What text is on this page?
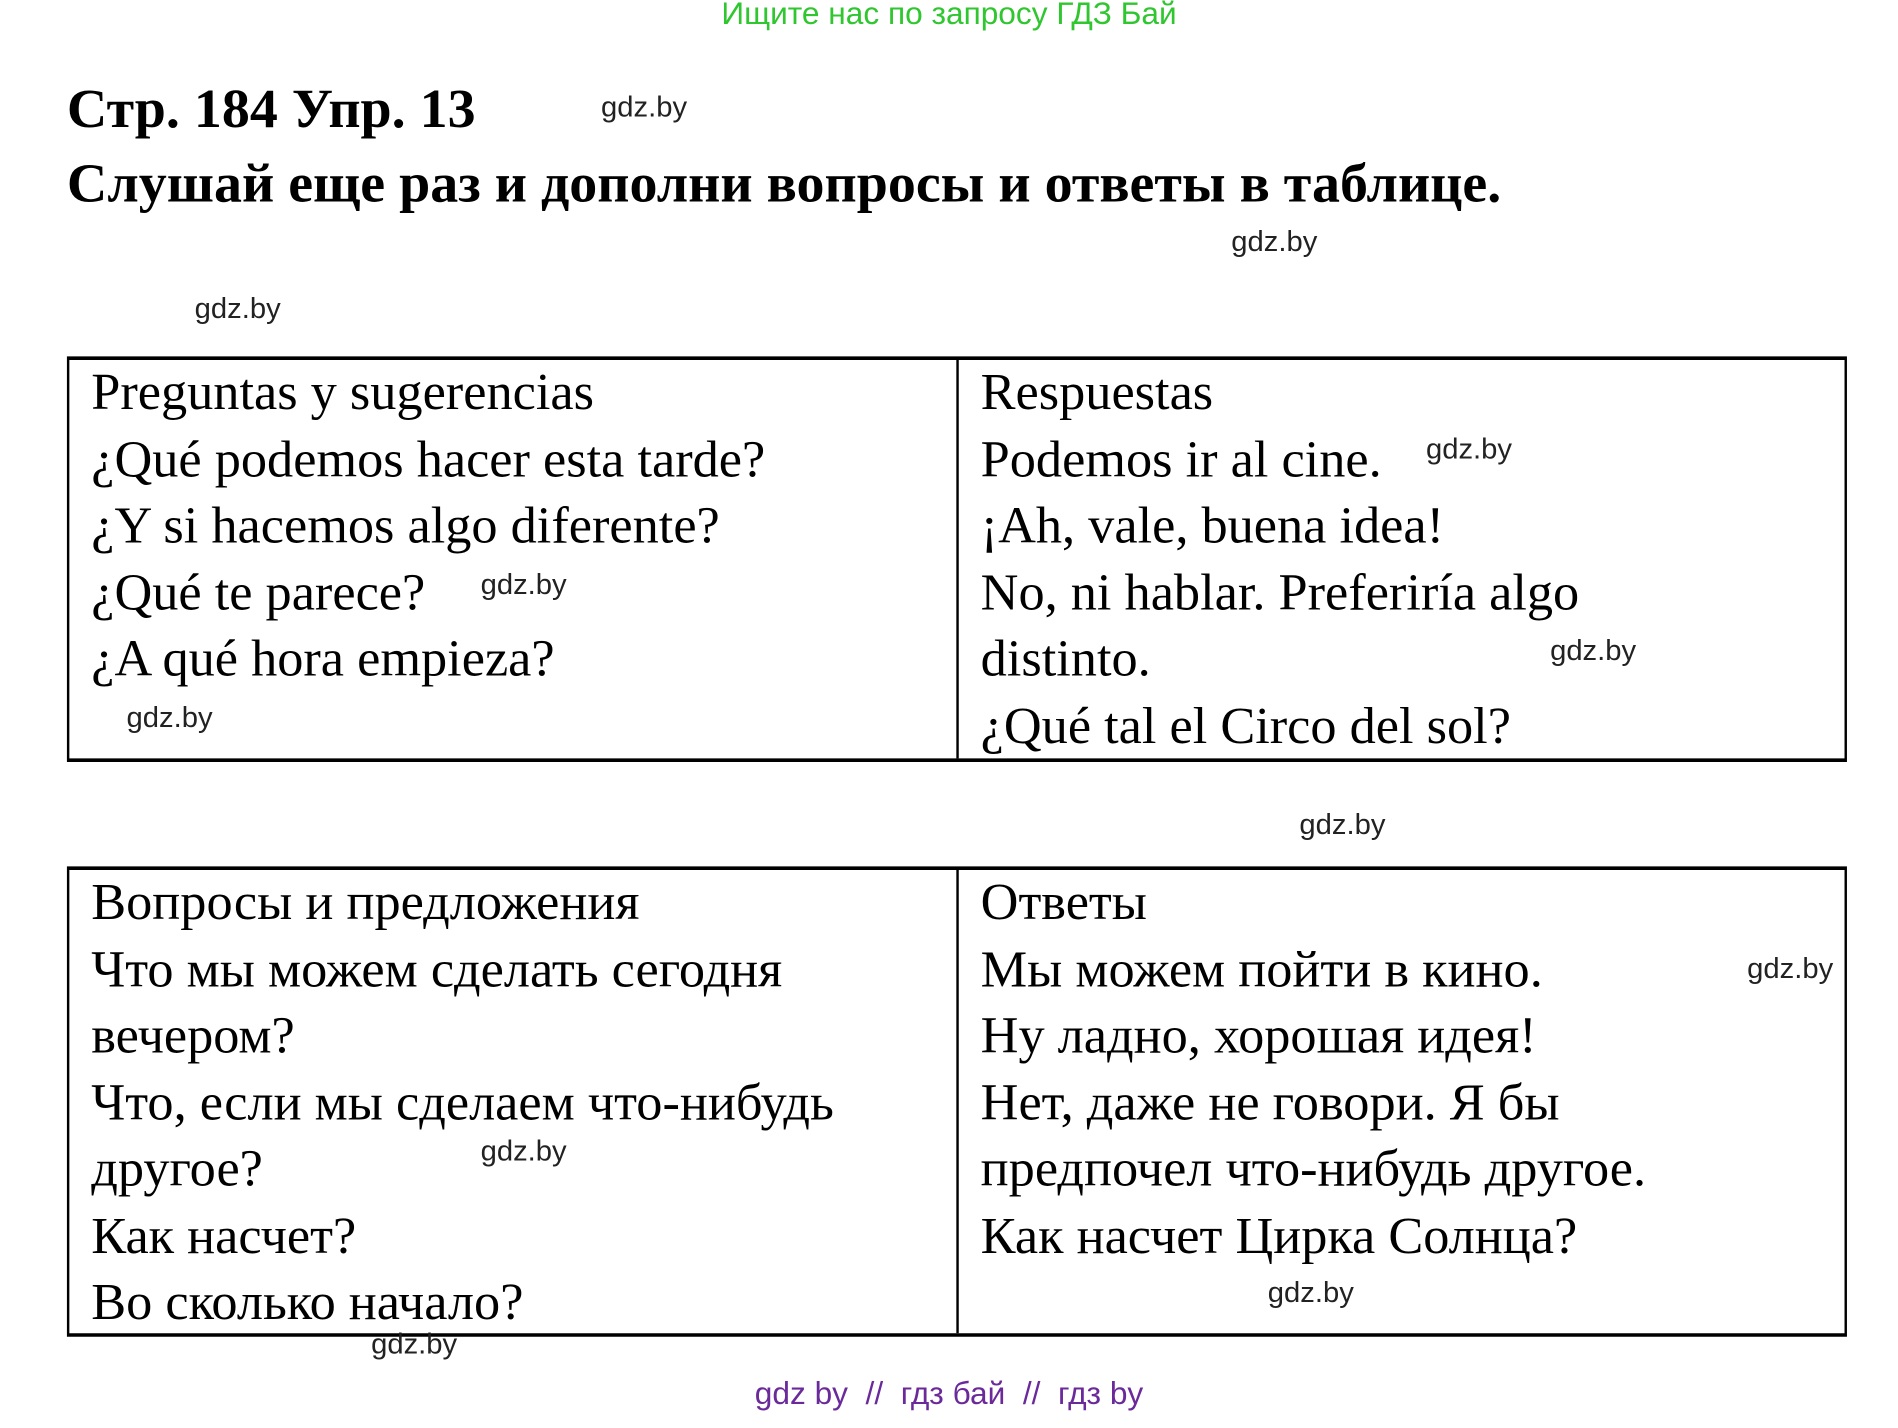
Ищите нас по запросу ГДЗ Бай
Стр. 184 Упр. 13
Слушай еще раз и дополни вопросы и ответы в таблице.
Preguntas y sugerencias
¿Qué podemos hacer esta tarde?
¿Y si hacemos algo diferente?
¿Qué te parece?
¿A qué hora empieza?
Respuestas
Podemos ir al cine.
¡Ah, vale, buena idea!
No, ni hablar. Preferiría algo
distinto.
¿Qué tal el Circo del sol?
Вопросы и предложения
Что мы можем сделать сегодня
вечером?
Что, если мы сделаем что-нибудь
другое?
Как насчет?
Во сколько начало?
Ответы
Мы можем пойти в кино.
Ну ладно, хорошая идея!
Нет, даже не говори. Я бы
предпочел что-нибудь другое.
Как насчет Цирка Солнца?
gdz.by
gdz.by
gdz.by
gdz.by
gdz.by
gdz.by
gdz.by
gdz.by
gdz.by
gdz.by
gdz.by
gdz.by
gdz by  //  гдз бай  //  гдз by
